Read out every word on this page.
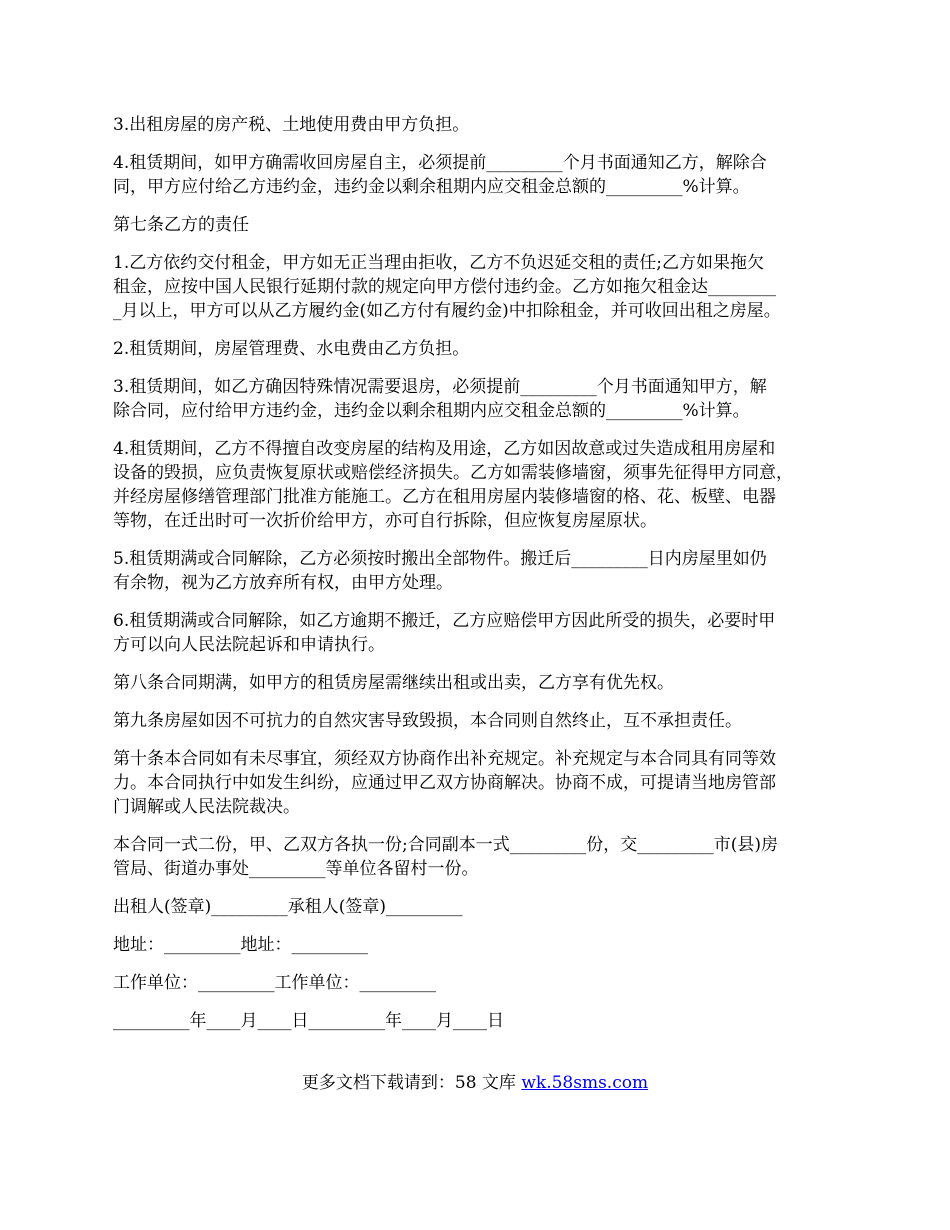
3.出租房屋的房产税、土地使用费由甲方负担。
4.租赁期间，如甲方确需收回房屋自主，必须提前_________个月书面通知乙方，解除合
同，甲方应付给乙方违约金，违约金以剩余租期内应交租金总额的_________%计算。
第七条乙方的责任
1.乙方依约交付租金，甲方如无正当理由拒收，乙方不负迟延交租的责任;乙方如果拖欠
租金，应按中国人民银行延期付款的规定向甲方偿付违约金。乙方如拖欠租金达________
_月以上，甲方可以从乙方履约金(如乙方付有履约金)中扣除租金，并可收回出租之房屋。
2.租赁期间，房屋管理费、水电费由乙方负担。
3.租赁期间，如乙方确因特殊情况需要退房，必须提前_________个月书面通知甲方，解
除合同，应付给甲方违约金，违约金以剩余租期内应交租金总额的_________%计算。
4.租赁期间，乙方不得擅自改变房屋的结构及用途，乙方如因故意或过失造成租用房屋和
设备的毁损，应负责恢复原状或赔偿经济损失。乙方如需装修墙窗，须事先征得甲方同意，
并经房屋修缮管理部门批准方能施工。乙方在租用房屋内装修墙窗的格、花、板壁、电器
等物，在迁出时可一次折价给甲方，亦可自行拆除，但应恢复房屋原状。
5.租赁期满或合同解除，乙方必须按时搬出全部物件。搬迁后_________日内房屋里如仍
有余物，视为乙方放弃所有权，由甲方处理。
6.租赁期满或合同解除，如乙方逾期不搬迁，乙方应赔偿甲方因此所受的损失，必要时甲
方可以向人民法院起诉和申请执行。
第八条合同期满，如甲方的租赁房屋需继续出租或出卖，乙方享有优先权。
第九条房屋如因不可抗力的自然灾害导致毁损，本合同则自然终止，互不承担责任。
第十条本合同如有未尽事宜，须经双方协商作出补充规定。补充规定与本合同具有同等效
力。本合同执行中如发生纠纷，应通过甲乙双方协商解决。协商不成，可提请当地房管部
门调解或人民法院裁决。
本合同一式二份，甲、乙双方各执一份;合同副本一式_________份，交_________市(县)房
管局、街道办事处_________等单位各留村一份。
出租人(签章)_________承租人(签章)_________
地址：_________地址：_________
工作单位：_________工作单位：_________
_________年____月____日_________年____月____日
更多文档下载请到：58 文库 wk.58sms.com
